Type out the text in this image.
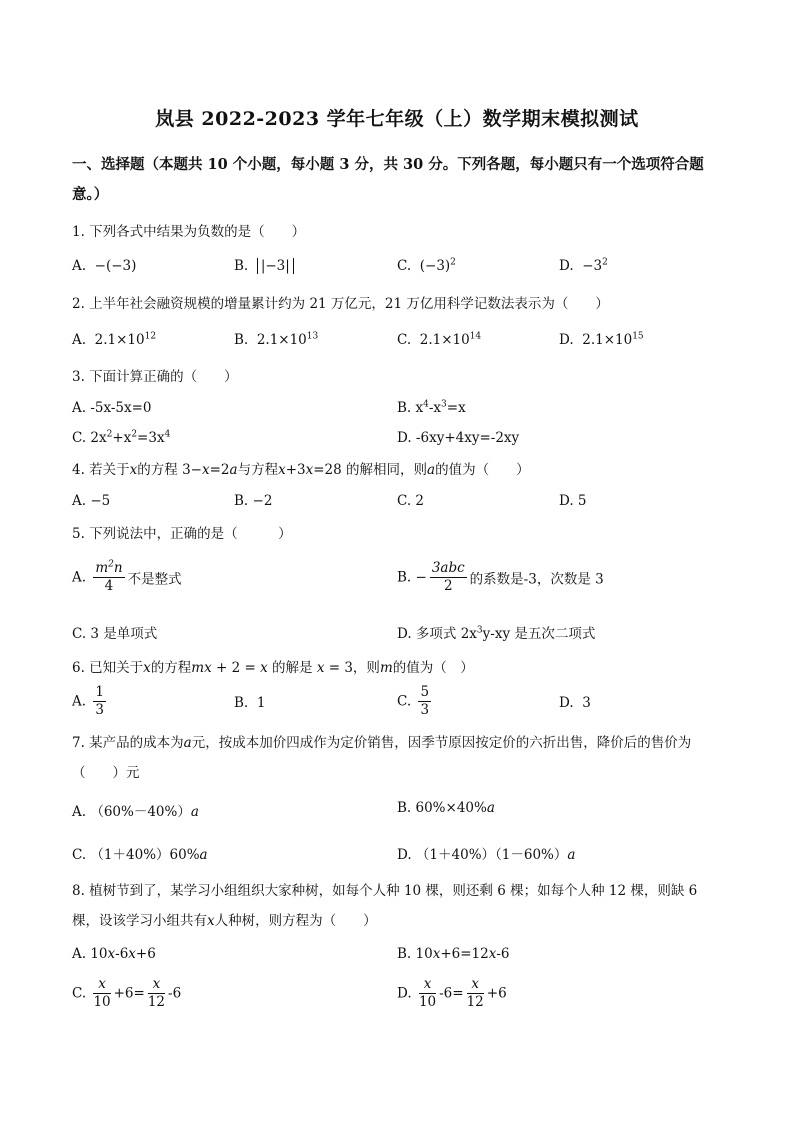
岚县 2022-2023 学年七年级（上）数学期末模拟测试
一、选择题（本题共 10 个小题，每小题 3 分，共 30 分。下列各题，每小题只有一个选项符合题意。）
1. 下列各式中结果为负数的是（　　）
A. −(−3)	B. |−3|	C. $(-3)^2$	D. $-3^2$
2. 上半年社会融资规模的增量累计约为 21 万亿元，21 万亿用科学记数法表示为（　　）
A. $2.1\times 10^{12}$	B. $2.1\times 10^{13}$	C. $2.1\times 10^{14}$	D. $2.1\times 10^{15}$
3. 下面计算正确的（　　）
A. -5x-5x=0	B. $x^4-x^3=x$
C. $2x^2+x^2=3x^4$	D. -6xy+4xy=-2xy
4. 若关于x的方程 3−x=2a与方程x+3x=28 的解相同，则a的值为（　　）
A. −5	B. −2	C. 2	D. 5
5. 下列说法中，正确的是（　　　）
A. $\frac{m^2n}{4}$ 不是整式	B. − $\frac{\text{3abc}}{2}$ 的系数是-3，次数是 3
C. 3 是单项式	D. 多项式 $2x^3y-xy$ 是五次二项式
6. 已知关于x的方程mx + 2 = x 的解是 x = 3，则m的值为（　）
A. $\frac{1}{3}$	B. 1	C. $\frac{5}{3}$	D. 3
7. 某产品的成本为a元，按成本加价四成作为定价销售，因季节原因按定价的六折出售，降价后的售价为 （　　）元
A. （60%－40%）a	B. 60%×40%a
C. （1＋40%）60%a	D. （1＋40%）（1－60%）a
8. 植树节到了，某学习小组组织大家种树，如每个人种 10 棵，则还剩 6 棵；如每个人种 12 棵，则缺 6 棵，设该学习小组共有x人种树，则方程为（　　）
A. 10x-6x+6	B. 10x+6=12x-6
C. $\frac{x}{10} +6= \frac{x}{12} -6$	D. $\frac{x}{10} -6= \frac{x}{12} +6$
